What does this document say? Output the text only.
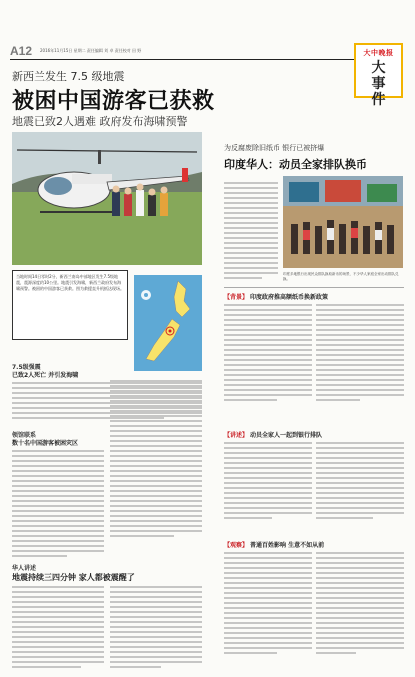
A12 2016年11月15日 星期二 责任编辑 刘 卓 责任校对 田 野	大中晚报
大事件
新西兰发生 7.5 级地震
被困中国游客已获救
地震已致2人遇难 政府发布海啸预警

当地时间14日零时2分，新西兰南岛中部地区发生7.5级地震，震源深度约10公里。地震引发海啸，新西兰政府发布海啸预警。被困的中国游客已获救。图为救援直升机抵达现场。

7.5级强震
已致2人死亡 并引发海啸
领馆联系
数十名中国游客被困灾区
华人讲述
地震持续三四分钟 家人都被震醒了
为反腐废除旧纸币 银行已被挤爆
印度华人：动员全家排队换币

印度多地银行出现民众排队换取新币的场景，不少华人家庭全家出动排队兑换。

【背景】 印度政府推高额纸币换新政策
【讲述】 动员全家人一起到银行排队
【观察】 普通百姓影响 生意不如从前
